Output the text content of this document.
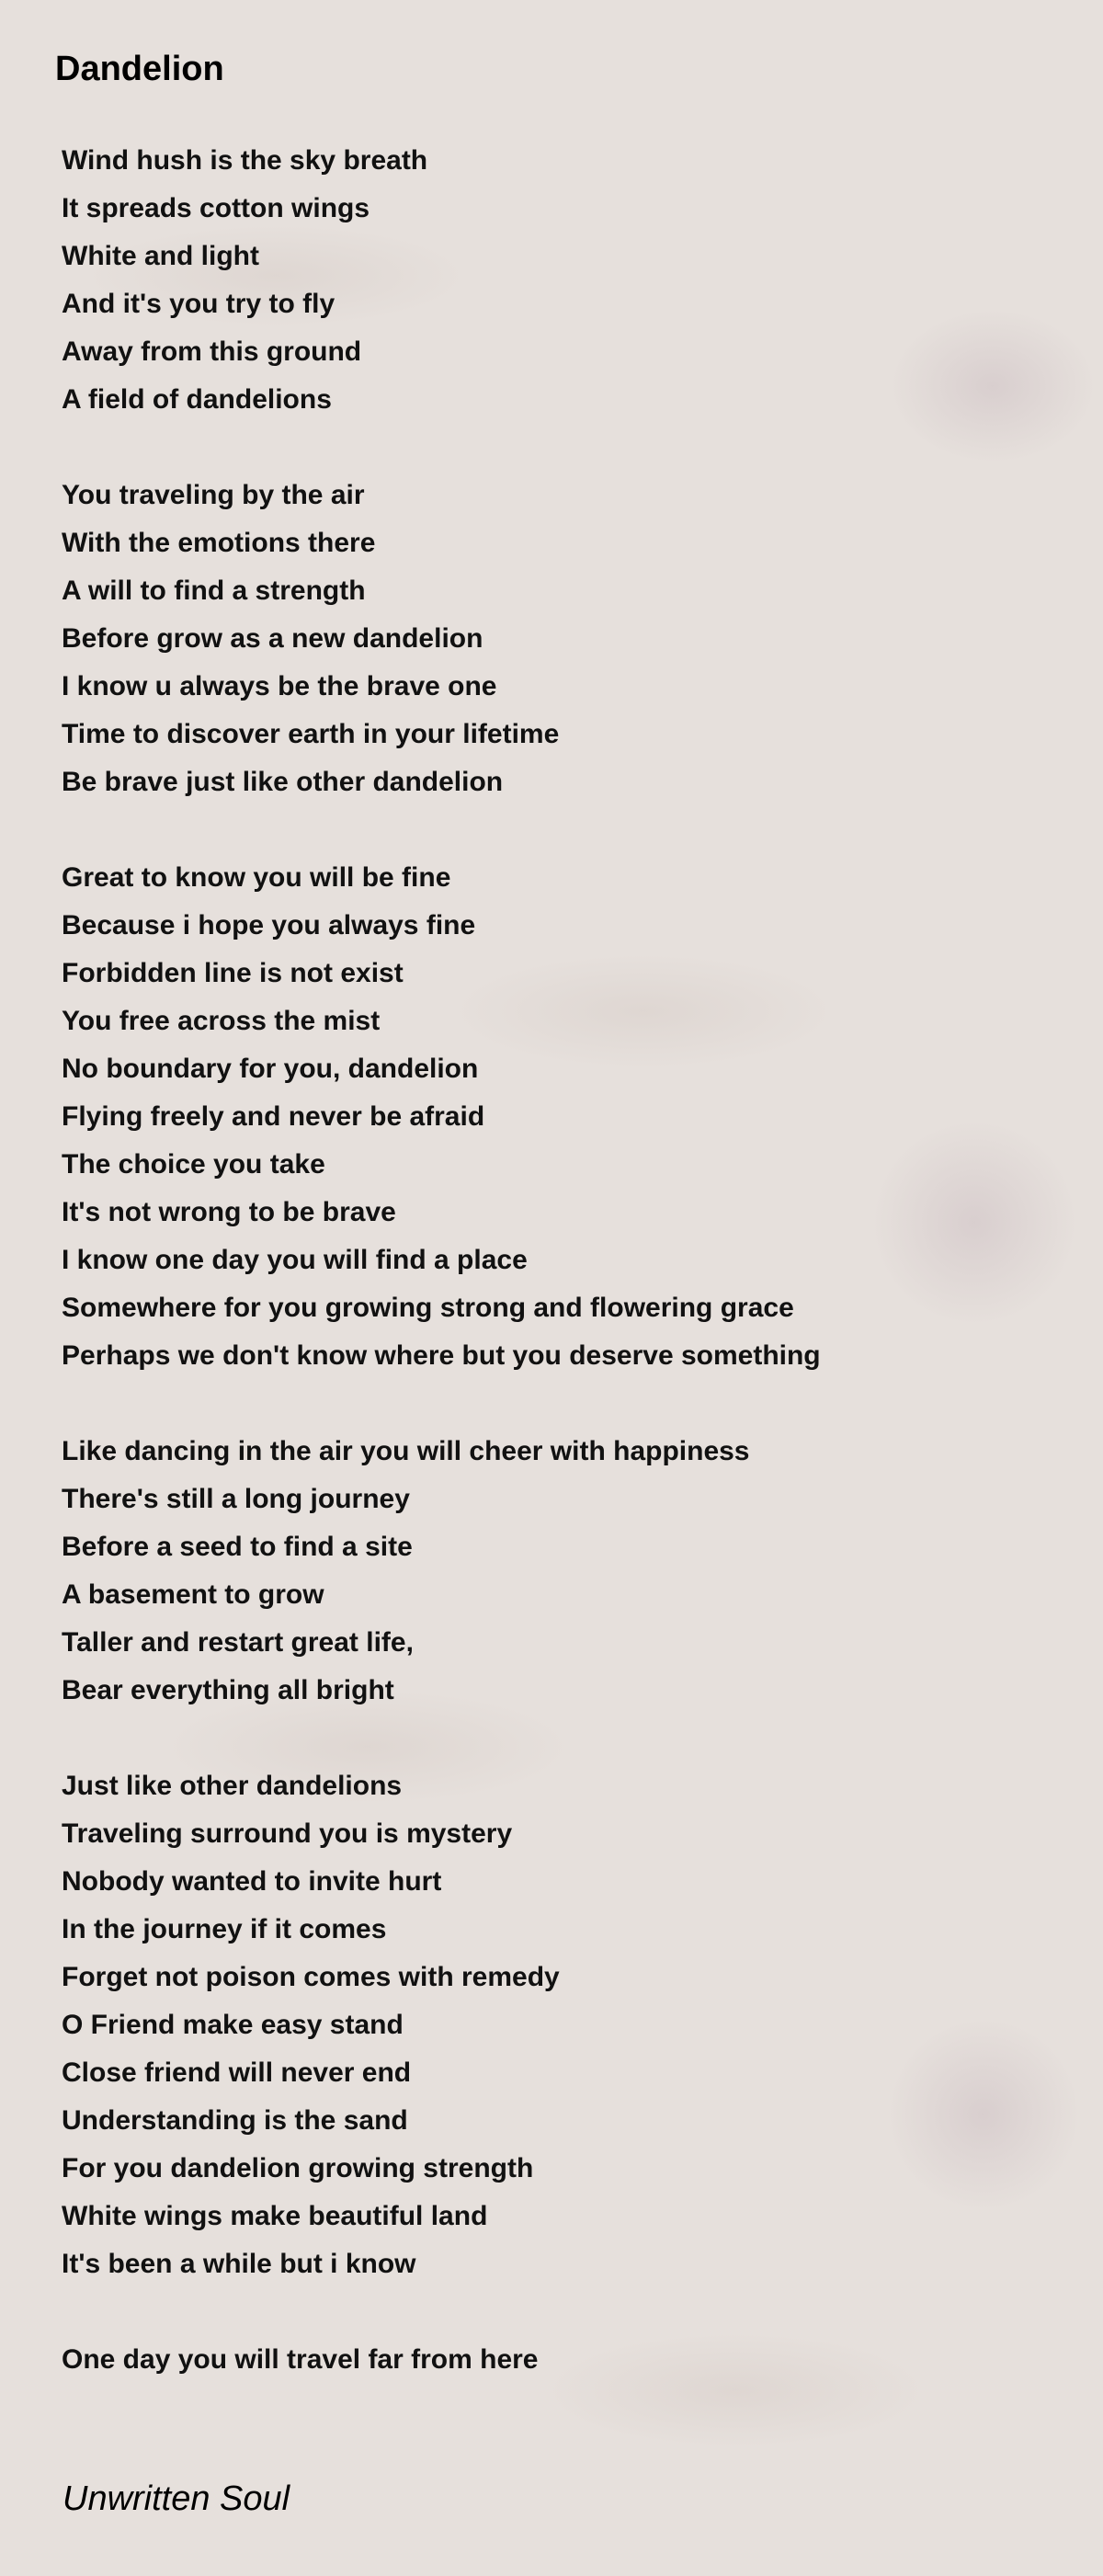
Dandelion
Wind hush is the sky breath
It spreads cotton wings
White and light
And it's you try to fly
Away from this ground
A field of dandelions
You traveling by the air
With the emotions there
A will to find a strength
Before grow as a new dandelion
I know u always be the brave one
Time to discover earth in your lifetime
Be brave just like other dandelion
Great to know you will be fine
Because i hope you always fine
Forbidden line is not exist
You free across the mist
No boundary for you, dandelion
Flying freely and never be afraid
The choice you take
It's not wrong to be brave
I know one day you will find a place
Somewhere for you growing strong and flowering grace
Perhaps we don't know where but you deserve something
Like dancing in the air you will cheer with happiness
There's still a long journey
Before a seed to find a site
A basement to grow
Taller and restart great life,
Bear everything all bright
Just like other dandelions
Traveling surround you is mystery
Nobody wanted to invite hurt
In the journey if it comes
Forget not poison comes with remedy
O Friend make easy stand
Close friend will never end
Understanding is the sand
For you dandelion growing strength
White wings make beautiful land
It's been a while but i know
One day you will travel far from here
Unwritten Soul
